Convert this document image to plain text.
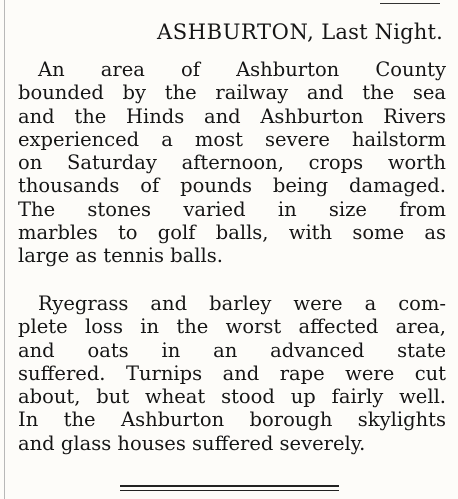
ASHBURTON, Last Night.
An area of Ashburton County
bounded by the railway and the sea
and the Hinds and Ashburton Rivers
experienced a most severe hailstorm
on Saturday afternoon, crops worth
thousands of pounds being damaged.
The stones varied in size from
marbles to golf balls, with some as
large as tennis balls.
Ryegrass and barley were a com-
plete loss in the worst affected area,
and oats in an advanced state
suffered. Turnips and rape were cut
about, but wheat stood up fairly well.
In the Ashburton borough skylights
and glass houses suffered severely.
